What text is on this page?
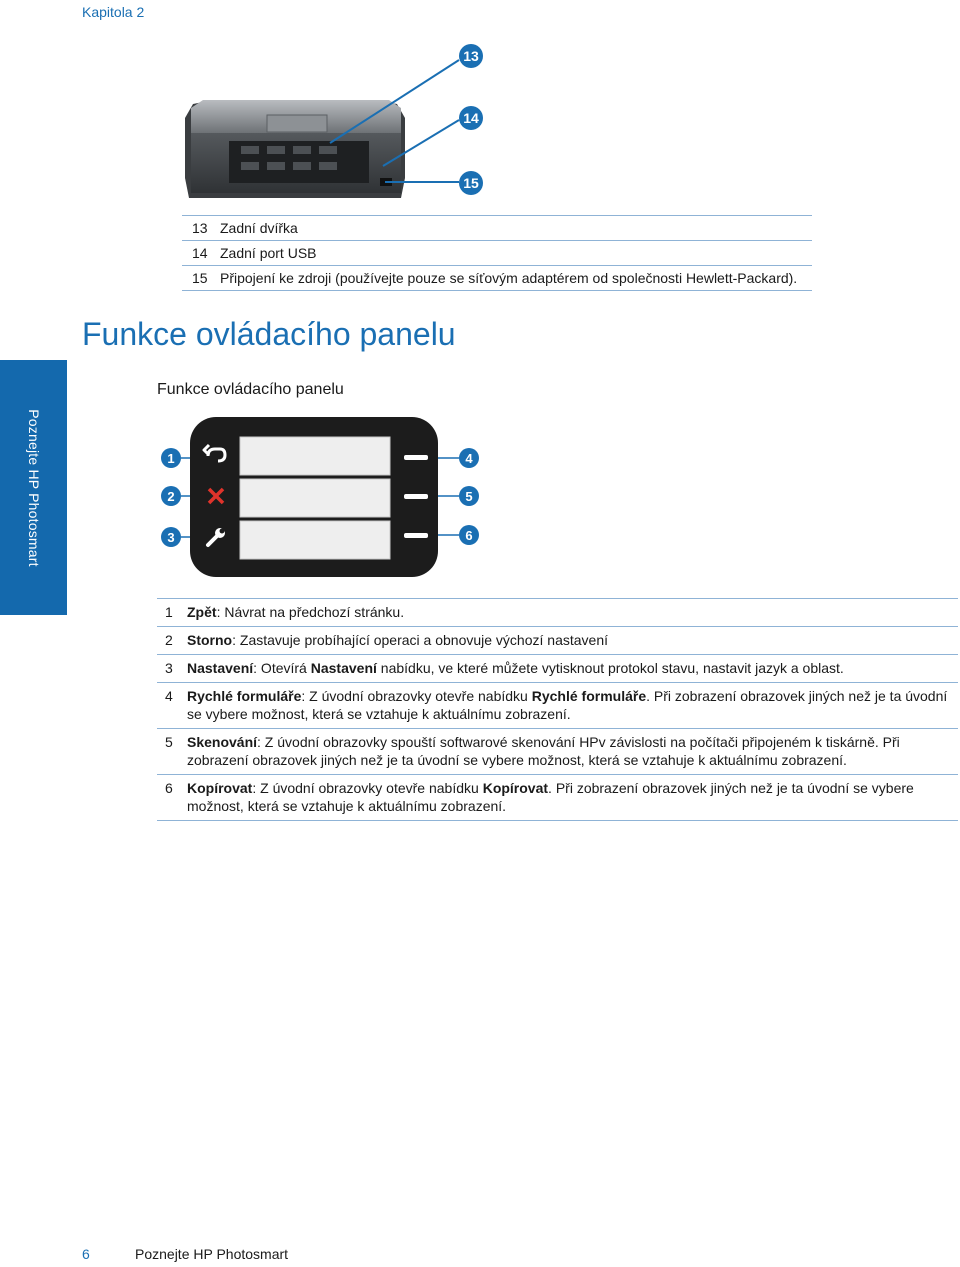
Kapitola 2
13
14
15
13 Zadní dvířka
14 Zadní port USB
15 Připojení ke zdroji (používejte pouze se síťovým adaptérem od společnosti Hewlett-Packard).
Poznejte HP Photosmart
Funkce ovládacího panelu
Funkce ovládacího panelu
1
2
3
4
5
6
1	Zpět: Návrat na předchozí stránku.
2	Storno: Zastavuje probíhající operaci a obnovuje výchozí nastavení
3	Nastavení: Otevírá Nastavení nabídku, ve které můžete vytisknout protokol stavu, nastavit jazyk a oblast.
4	Rychlé formuláře: Z úvodní obrazovky otevře nabídku Rychlé formuláře. Při zobrazení obrazovek jiných než je ta úvodní se vybere možnost, která se vztahuje k aktuálnímu zobrazení.
5	Skenování: Z úvodní obrazovky spouští softwarové skenování HPv závislosti na počítači připojeném k tiskárně. Při zobrazení obrazovek jiných než je ta úvodní se vybere možnost, která se vztahuje k aktuálnímu zobrazení.
6	Kopírovat: Z úvodní obrazovky otevře nabídku Kopírovat. Při zobrazení obrazovek jiných než je ta úvodní se vybere možnost, která se vztahuje k aktuálnímu zobrazení.
6	Poznejte HP Photosmart
